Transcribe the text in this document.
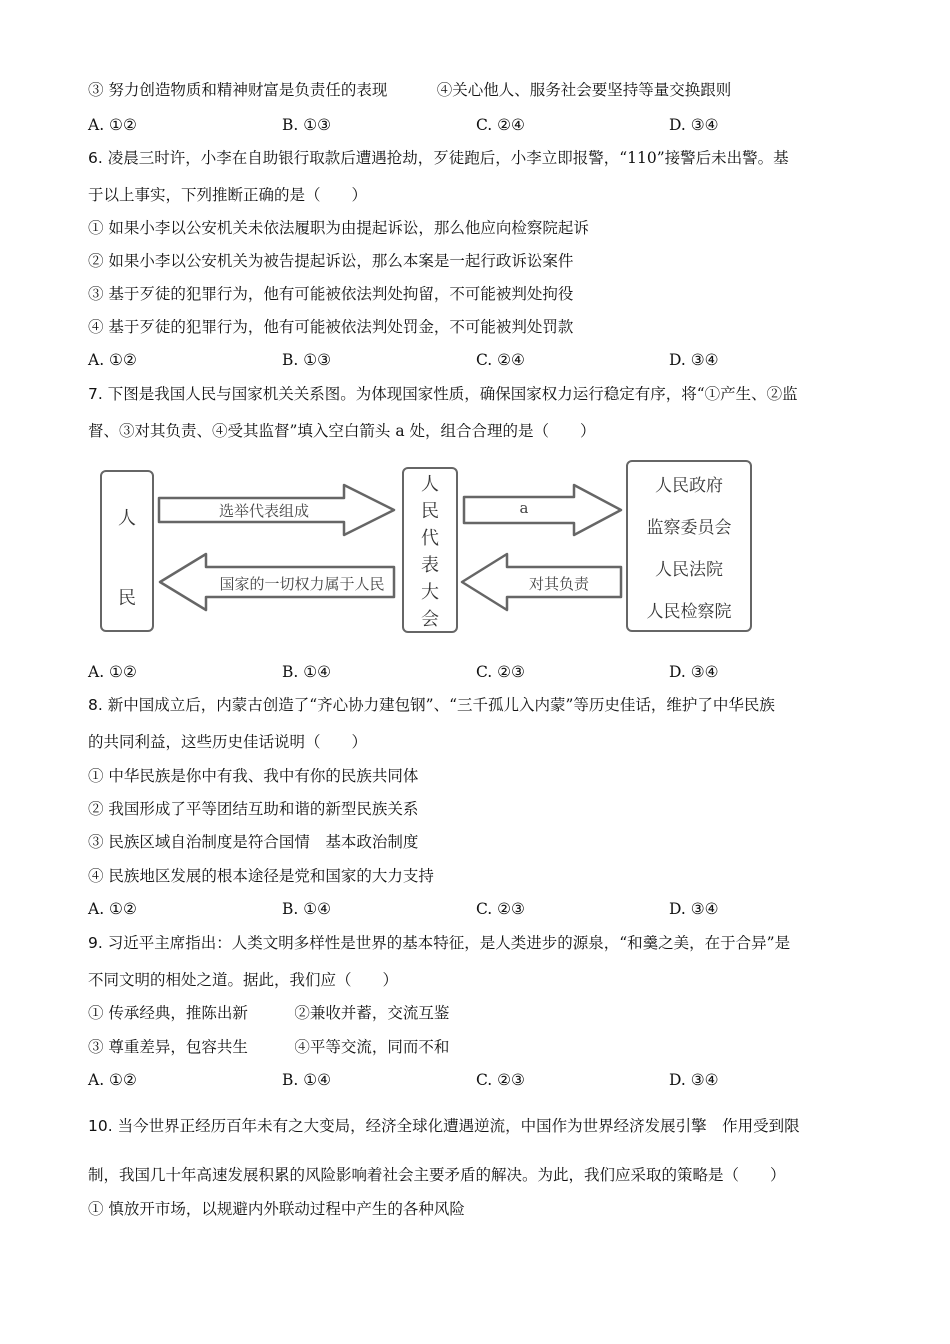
③ 努力创造物质和精神财富是负责任的表现          ④关心他人、服务社会要坚持等量交换跟则
A. ①②	B. ①③	C. ②④	D. ③④
6. 凌晨三时许，小李在自助银行取款后遭遇抢劫，歹徒跑后，小李立即报警，“110”接警后未出警。基
于以上事实，下列推断正确的是（　　）
① 如果小李以公安机关未依法履职为由提起诉讼，那么他应向检察院起诉
② 如果小李以公安机关为被告提起诉讼，那么本案是一起行政诉讼案件
③ 基于歹徒的犯罪行为，他有可能被依法判处拘留，不可能被判处拘役
④ 基于歹徒的犯罪行为，他有可能被依法判处罚金，不可能被判处罚款
A. ①②	B. ①③	C. ②④	D. ③④
7. 下图是我国人民与国家机关关系图。为体现国家性质，确保国家权力运行稳定有序，将“①产生、②监
督、③对其负责、④受其监督”填入空白箭头 a 处，组合合理的是（　　）
人
民
人
民
代
表
大
会
人民政府
监察委员会
人民法院
人民检察院
选举代表组成
国家的一切权力属于人民
a
对其负责
A. ①②	B. ①④	C. ②③	D. ③④
8. 新中国成立后，内蒙古创造了“齐心协力建包钢”、“三千孤儿入内蒙”等历史佳话，维护了中华民族
的共同利益，这些历史佳话说明（　　）
① 中华民族是你中有我、我中有你的民族共同体
② 我国形成了平等团结互助和谐的新型民族关系
③ 民族区域自治制度是符合国情　基本政治制度
④ 民族地区发展的根本途径是党和国家的大力支持
A. ①②	B. ①④	C. ②③	D. ③④
9. 习近平主席指出：人类文明多样性是世界的基本特征，是人类进步的源泉，“和羹之美，在于合异”是
不同文明的相处之道。据此，我们应（　　）
① 传承经典，推陈出新　　　②兼收并蓄，交流互鉴
③ 尊重差异，包容共生　　　④平等交流，同而不和
A. ①②	B. ①④	C. ②③	D. ③④
10. 当今世界正经历百年未有之大变局，经济全球化遭遇逆流，中国作为世界经济发展引擎　作用受到限
制，我国几十年高速发展积累的风险影响着社会主要矛盾的解决。为此，我们应采取的策略是（　　）
① 慎放开市场，以规避内外联动过程中产生的各种风险
